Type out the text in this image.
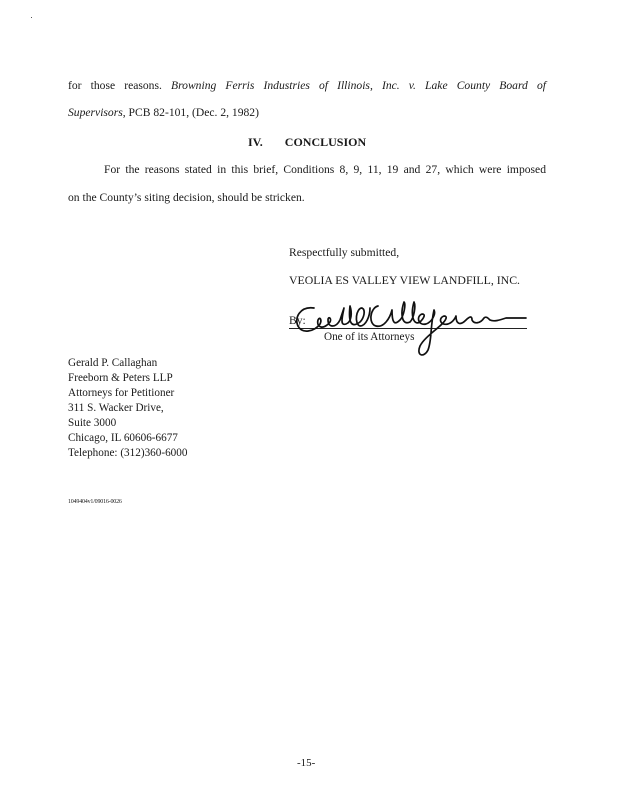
for those reasons. Browning Ferris Industries of Illinois, Inc. v. Lake County Board of
Supervisors, PCB 82-101, (Dec. 2, 1982)
IV. CONCLUSION
For the reasons stated in this brief, Conditions 8, 9, 11, 19 and 27, which were imposed
on the County’s siting decision, should be stricken.
Respectfully submitted,
VEOLIA ES VALLEY VIEW LANDFILL, INC.
By:
One of its Attorneys
Gerald P. Callaghan
Freeborn & Peters LLP
Attorneys for Petitioner
311 S. Wacker Drive,
Suite 3000
Chicago, IL 60606-6677
Telephone: (312)360-6000
1049404v1/09016-0026
-15-
